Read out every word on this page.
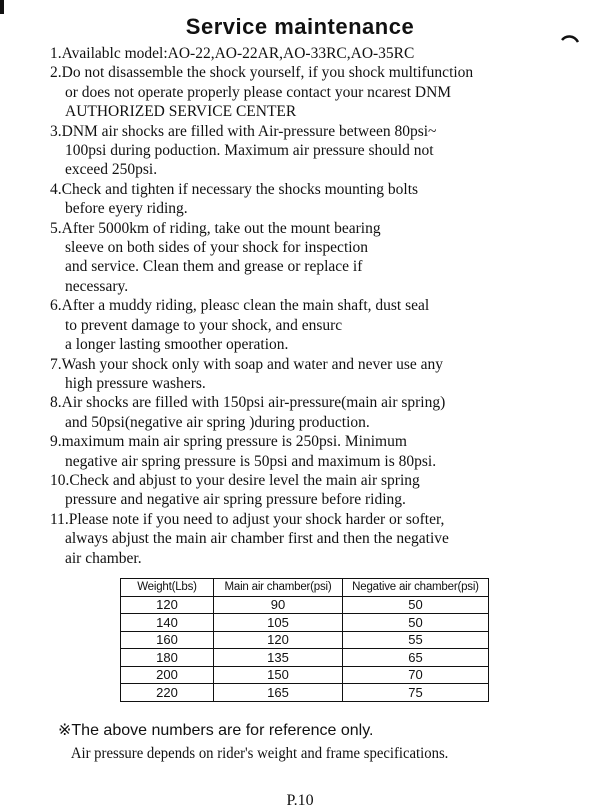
Service maintenance
1.Availablc model:AO-22,AO-22AR,AO-33RC,AO-35RC
2.Do not disassemble the shock yourself, if you shock multifunction
or does not operate properly please contact your ncarest DNM
AUTHORIZED SERVICE CENTER
3.DNM air shocks are filled with Air-pressure between 80psi~
100psi during poduction. Maximum air pressure should not
exceed 250psi.
4.Check and tighten if necessary the shocks mounting bolts
before eyery riding.
5.After 5000km of riding, take out the mount bearing
sleeve on both sides of your shock for inspection
and service. Clean them and grease or replace if
necessary.
6.After a muddy riding, pleasc clean the main shaft, dust seal
to prevent damage to your shock, and ensurc
a longer lasting smoother operation.
7.Wash your shock only with soap and water and never use any
high pressure washers.
8.Air shocks are filled with 150psi air-pressure(main air spring)
and 50psi(negative air spring )during production.
9.maximum main air spring pressure is 250psi. Minimum
negative air spring pressure is 50psi and maximum is 80psi.
10.Check and abjust to your desire level the main air spring
pressure and negative air spring pressure before riding.
11.Please note if you need to adjust your shock harder or softer,
always abjust the main air chamber first and then the negative
air chamber.
Weight(Lbs)	Main air chamber(psi)	Negative air chamber(psi)
120	90	50
140	105	50
160	120	55
180	135	65
200	150	70
220	165	75
※The above numbers are for reference only.
Air pressure depends on rider's weight and frame specifications.
P.10
